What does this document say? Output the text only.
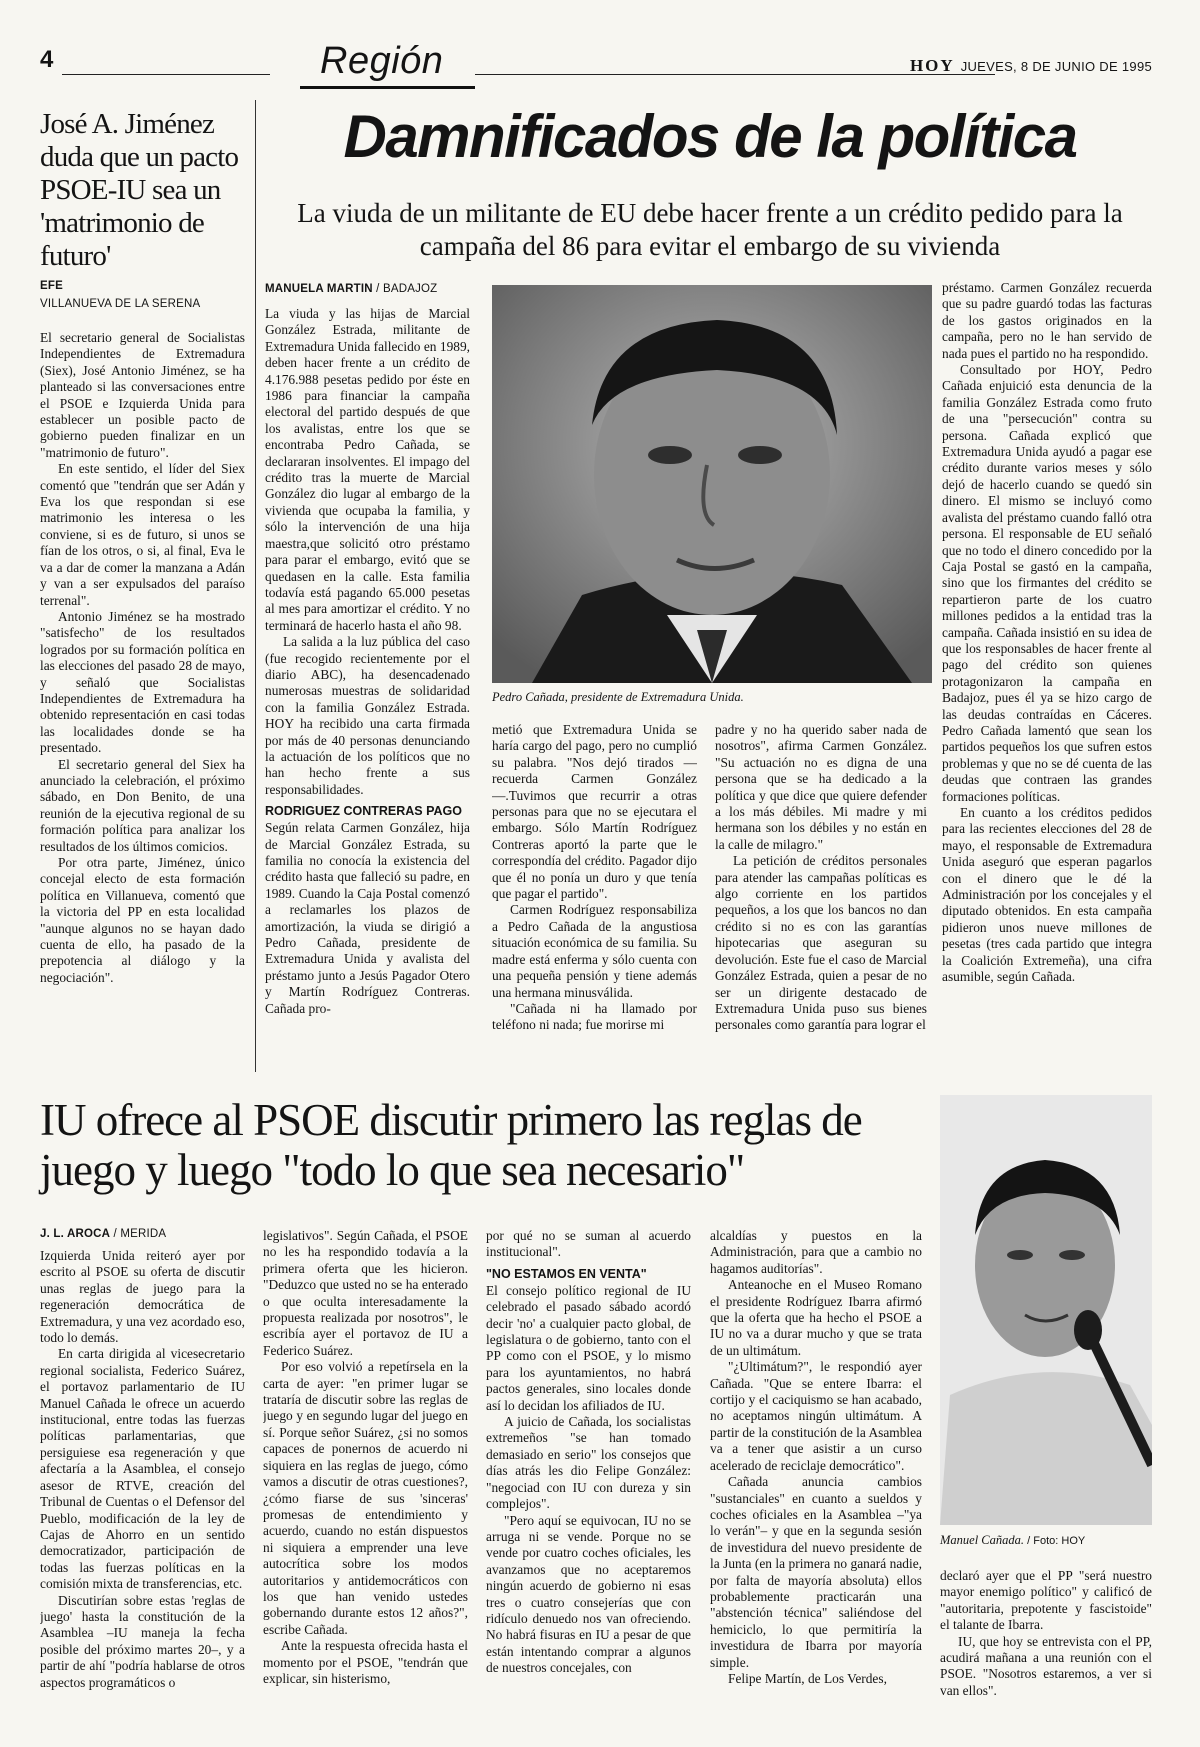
4	Región	HOY JUEVES, 8 DE JUNIO DE 1995
José A. Jiménez duda que un pacto PSOE-IU sea un 'matrimonio de futuro'
EFE
VILLANUEVA DE LA SERENA

El secretario general de Socialistas Independientes de Extremadura (Siex), José Antonio Jiménez, se ha planteado si las conversaciones entre el PSOE e Izquierda Unida para establecer un posible pacto de gobierno pueden finalizar en un "matrimonio de futuro".

En este sentido, el líder del Siex comentó que "tendrán que ser Adán y Eva los que respondan si ese matrimonio les interesa o les conviene, si es de futuro, si unos se fían de los otros, o si, al final, Eva le va a dar de comer la manzana a Adán y van a ser expulsados del paraíso terrenal".

Antonio Jiménez se ha mostrado "satisfecho" de los resultados logrados por su formación política en las elecciones del pasado 28 de mayo, y señaló que Socialistas Independientes de Extremadura ha obtenido representación en casi todas las localidades donde se ha presentado.

El secretario general del Siex ha anunciado la celebración, el próximo sábado, en Don Benito, de una reunión de la ejecutiva regional de su formación política para analizar los resultados de los últimos comicios.

Por otra parte, Jiménez, único concejal electo de esta formación política en Villanueva, comentó que la victoria del PP en esta localidad "aunque algunos no se hayan dado cuenta de ello, ha pasado de la prepotencia al diálogo y la negociación".

Damnificados de la política
La viuda de un militante de EU debe hacer frente a un crédito pedido para la campaña del 86 para evitar el embargo de su vivienda
MANUELA MARTIN / BADAJOZ

La viuda y las hijas de Marcial González Estrada, militante de Extremadura Unida fallecido en 1989, deben hacer frente a un crédito de 4.176.988 pesetas pedido por éste en 1986 para financiar la campaña electoral del partido después de que los avalistas, entre los que se encontraba Pedro Cañada, se declararan insolventes. El impago del crédito tras la muerte de Marcial González dio lugar al embargo de la vivienda que ocupaba la familia, y sólo la intervención de una hija maestra,que solicitó otro préstamo para parar el embargo, evitó que se quedasen en la calle. Esta familia todavía está pagando 65.000 pesetas al mes para amortizar el crédito. Y no terminará de hacerlo hasta el año 98.

La salida a la luz pública del caso (fue recogido recientemente por el diario ABC), ha desencadenado numerosas muestras de solidaridad con la familia González Estrada. HOY ha recibido una carta firmada por más de 40 personas denunciando la actuación de los políticos que no han hecho frente a sus responsabilidades.

RODRIGUEZ CONTRERAS PAGO

Según relata Carmen González, hija de Marcial González Estrada, su familia no conocía la existencia del crédito hasta que falleció su padre, en 1989. Cuando la Caja Postal comenzó a reclamarles los plazos de amortización, la viuda se dirigió a Pedro Cañada, presidente de Extremadura Unida y avalista del préstamo junto a Jesús Pagador Otero y Martín Rodríguez Contreras. Cañada pro-

Pedro Cañada, presidente de Extremadura Unida.

metió que Extremadura Unida se haría cargo del pago, pero no cumplió su palabra. "Nos dejó tirados —recuerda Carmen González—.Tuvimos que recurrir a otras personas para que no se ejecutara el embargo. Sólo Martín Rodríguez Contreras aportó la parte que le correspondía del crédito. Pagador dijo que él no ponía un duro y que tenía que pagar el partido".

Carmen Rodríguez responsabiliza a Pedro Cañada de la angustiosa situación económica de su familia. Su madre está enferma y sólo cuenta con una pequeña pensión y tiene además una hermana minusválida.

"Cañada ni ha llamado por teléfono ni nada; fue morirse mi

padre y no ha querido saber nada de nosotros", afirma Carmen González. "Su actuación no es digna de una persona que se ha dedicado a la política y que dice que quiere defender a los más débiles. Mi madre y mi hermana son los débiles y no están en la calle de milagro."

La petición de créditos personales para atender las campañas políticas es algo corriente en los partidos pequeños, a los que los bancos no dan crédito si no es con las garantías hipotecarias que aseguran su devolución. Este fue el caso de Marcial González Estrada, quien a pesar de no ser un dirigente destacado de Extremadura Unida puso sus bienes personales como garantía para lograr el

préstamo. Carmen González recuerda que su padre guardó todas las facturas de los gastos originados en la campaña, pero no le han servido de nada pues el partido no ha respondido.

Consultado por HOY, Pedro Cañada enjuició esta denuncia de la familia González Estrada como fruto de una "persecución" contra su persona. Cañada explicó que Extremadura Unida ayudó a pagar ese crédito durante varios meses y sólo dejó de hacerlo cuando se quedó sin dinero. El mismo se incluyó como avalista del préstamo cuando falló otra persona. El responsable de EU señaló que no todo el dinero concedido por la Caja Postal se gastó en la campaña, sino que los firmantes del crédito se repartieron parte de los cuatro millones pedidos a la entidad tras la campaña. Cañada insistió en su idea de que los responsables de hacer frente al pago del crédito son quienes protagonizaron la campaña en Badajoz, pues él ya se hizo cargo de las deudas contraídas en Cáceres. Pedro Cañada lamentó que sean los partidos pequeños los que sufren estos problemas y que no se dé cuenta de las deudas que contraen las grandes formaciones políticas.

En cuanto a los créditos pedidos para las recientes elecciones del 28 de mayo, el responsable de Extremadura Unida aseguró que esperan pagarlos con el dinero que le dé la Administración por los concejales y el diputado obtenidos. En esta campaña pidieron unos nueve millones de pesetas (tres cada partido que integra la Coalición Extremeña), una cifra asumible, según Cañada.

IU ofrece al PSOE discutir primero las reglas de juego y luego "todo lo que sea necesario"
Manuel Cañada. / Foto: HOY
J. L. AROCA / MERIDA

Izquierda Unida reiteró ayer por escrito al PSOE su oferta de discutir unas reglas de juego para la regeneración democrática de Extremadura, y una vez acordado eso, todo lo demás.

En carta dirigida al vicesecretario regional socialista, Federico Suárez, el portavoz parlamentario de IU Manuel Cañada le ofrece un acuerdo institucional, entre todas las fuerzas políticas parlamentarias, que persiguiese esa regeneración y que afectaría a la Asamblea, el consejo asesor de RTVE, creación del Tribunal de Cuentas o el Defensor del Pueblo, modificación de la ley de Cajas de Ahorro en un sentido democratizador, participación de todas las fuerzas políticas en la comisión mixta de transferencias, etc.

Discutirían sobre estas 'reglas de juego' hasta la constitución de la Asamblea –IU maneja la fecha posible del próximo martes 20–, y a partir de ahí "podría hablarse de otros aspectos programáticos o

legislativos". Según Cañada, el PSOE no les ha respondido todavía a la primera oferta que les hicieron. "Deduzco que usted no se ha enterado o que oculta interesadamente la propuesta realizada por nosotros", le escribía ayer el portavoz de IU a Federico Suárez.

Por eso volvió a repetírsela en la carta de ayer: "en primer lugar se trataría de discutir sobre las reglas de juego y en segundo lugar del juego en sí. Porque señor Suárez, ¿si no somos capaces de ponernos de acuerdo ni siquiera en las reglas de juego, cómo vamos a discutir de otras cuestiones?, ¿cómo fiarse de sus 'sinceras' promesas de entendimiento y acuerdo, cuando no están dispuestos ni siquiera a emprender una leve autocrítica sobre los modos autoritarios y antidemocráticos con los que han venido ustedes gobernando durante estos 12 años?", escribe Cañada.

Ante la respuesta ofrecida hasta el momento por el PSOE, "tendrán que explicar, sin histerismo,

por qué no se suman al acuerdo institucional".

"NO ESTAMOS EN VENTA"

El consejo político regional de IU celebrado el pasado sábado acordó decir 'no' a cualquier pacto global, de legislatura o de gobierno, tanto con el PP como con el PSOE, y lo mismo para los ayuntamientos, no habrá pactos generales, sino locales donde así lo decidan los afiliados de IU.

A juicio de Cañada, los socialistas extremeños "se han tomado demasiado en serio" los consejos que días atrás les dio Felipe González: "negociad con IU con dureza y sin complejos".

"Pero aquí se equivocan, IU no se arruga ni se vende. Porque no se vende por cuatro coches oficiales, les avanzamos que no aceptaremos ningún acuerdo de gobierno ni esas tres o cuatro consejerías que con ridículo denuedo nos van ofreciendo. No habrá fisuras en IU a pesar de que están intentando comprar a algunos de nuestros concejales, con

alcaldías y puestos en la Administración, para que a cambio no hagamos auditorías".

Anteanoche en el Museo Romano el presidente Rodríguez Ibarra afirmó que la oferta que ha hecho el PSOE a IU no va a durar mucho y que se trata de un ultimátum.

"¿Ultimátum?", le respondió ayer Cañada. "Que se entere Ibarra: el cortijo y el caciquismo se han acabado, no aceptamos ningún ultimátum. A partir de la constitución de la Asamblea va a tener que asistir a un curso acelerado de reciclaje democrático".

Cañada anuncia cambios "sustanciales" en cuanto a sueldos y coches oficiales en la Asamblea –"ya lo verán"– y que en la segunda sesión de investidura del nuevo presidente de la Junta (en la primera no ganará nadie, por falta de mayoría absoluta) ellos probablemente practicarán una "abstención técnica" saliéndose del hemiciclo, lo que permitiría la investidura de Ibarra por mayoría simple.

Felipe Martín, de Los Verdes,

declaró ayer que el PP "será nuestro mayor enemigo político" y calificó de "autoritaria, prepotente y fascistoide" el talante de Ibarra.

IU, que hoy se entrevista con el PP, acudirá mañana a una reunión con el PSOE. "Nosotros estaremos, a ver si van ellos".
